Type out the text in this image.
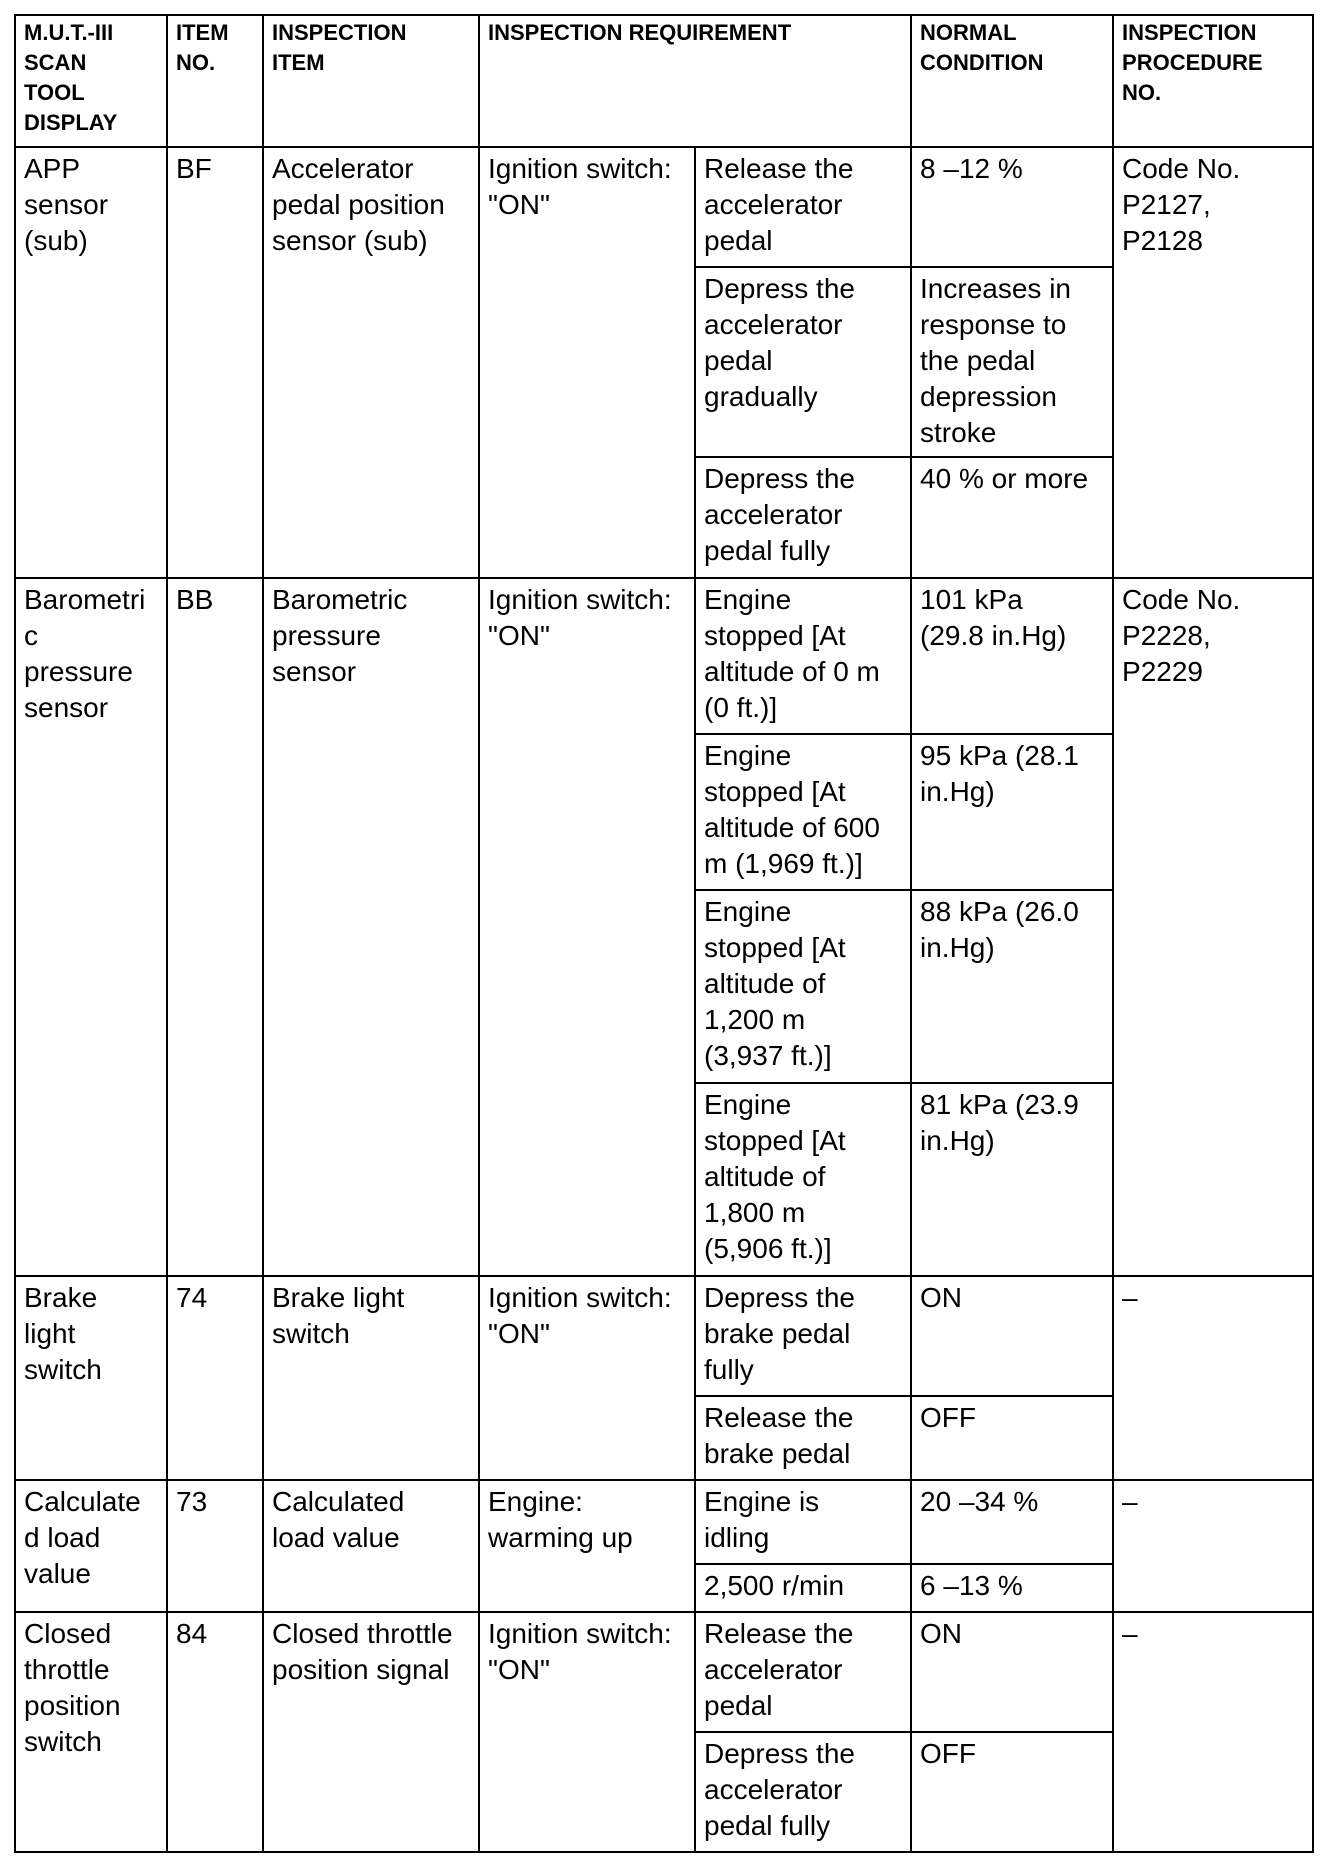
M.U.T.-III
SCAN
TOOL
DISPLAY	ITEM
NO.	INSPECTION
ITEM	INSPECTION REQUIREMENT		NORMAL
CONDITION	INSPECTION
PROCEDURE
NO.

APP
sensor
(sub)	BF	Accelerator
pedal position
sensor (sub)	Ignition switch:
"ON"	Release the
accelerator
pedal	8 –12 %	Code No.
P2127,
P2128

				Depress the
accelerator
pedal
gradually	Increases in
response to
the pedal
depression
stroke	

				Depress the
accelerator
pedal fully	40 % or more	

Barometri
c
pressure
sensor	BB	Barometric
pressure
sensor	Ignition switch:
"ON"	Engine
stopped [At
altitude of 0 m
(0 ft.)]	101 kPa
(29.8 in.Hg)	Code No.
P2228,
P2229

				Engine
stopped [At
altitude of 600
m (1,969 ft.)]	95 kPa (28.1
in.Hg)	

				Engine
stopped [At
altitude of
1,200 m
(3,937 ft.)]	88 kPa (26.0
in.Hg)	

				Engine
stopped [At
altitude of
1,800 m
(5,906 ft.)]	81 kPa (23.9
in.Hg)	

Brake
light
switch	74	Brake light
switch	Ignition switch:
"ON"	Depress the
brake pedal
fully	ON	–

				Release the
brake pedal	OFF	

Calculate
d load
value	73	Calculated
load value	Engine:
warming up	Engine is
idling	20 –34 %	–

				2,500 r/min	6 –13 %	

Closed
throttle
position
switch	84	Closed throttle
position signal	Ignition switch:
"ON"	Release the
accelerator
pedal	ON	–

				Depress the
accelerator
pedal fully	OFF	
